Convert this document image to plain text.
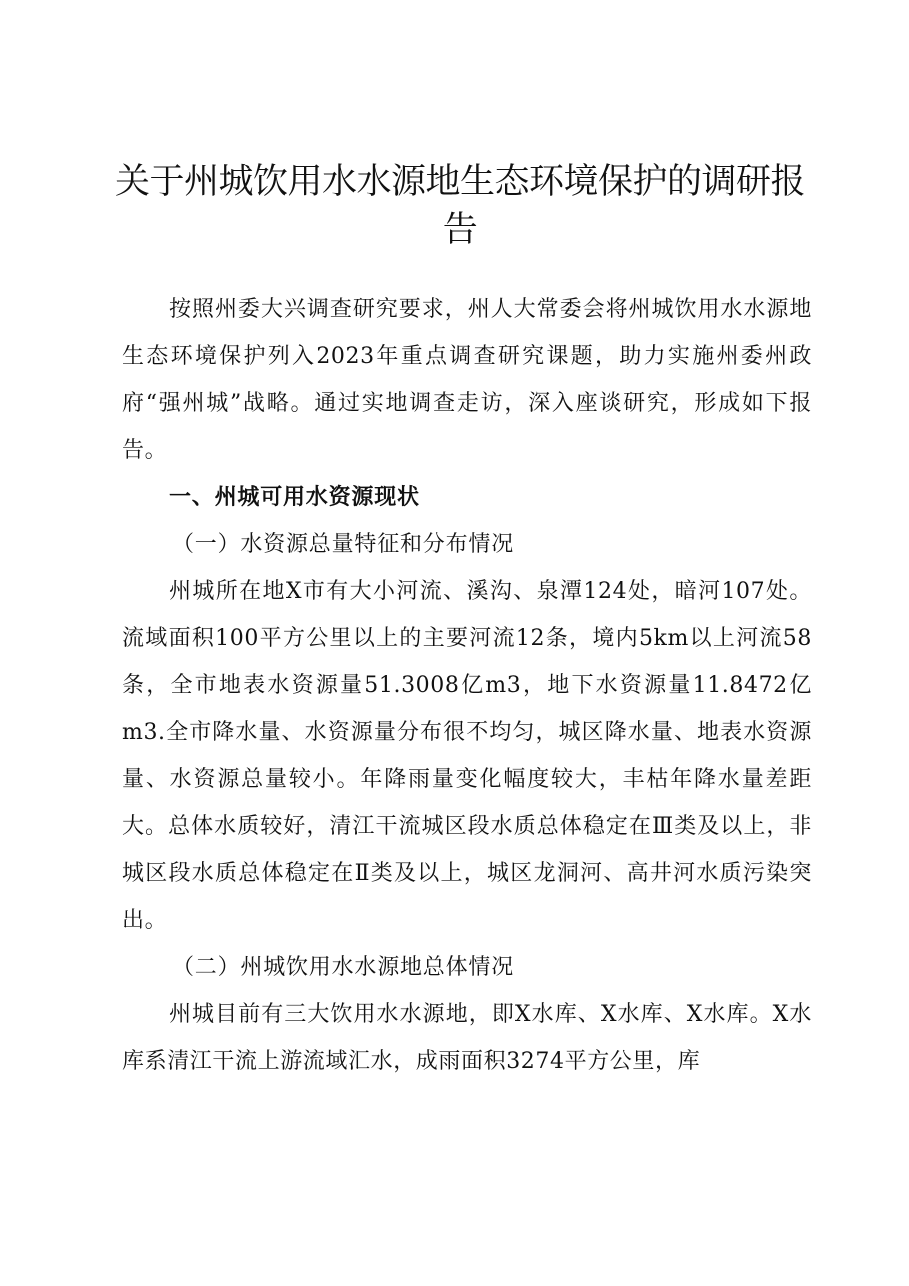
关于州城饮用水水源地生态环境保护的调研报告

按照州委大兴调查研究要求，州人大常委会将州城饮用水水源地生态环境保护列入2023年重点调查研究课题，助力实施州委州政府“强州城”战略。通过实地调查走访，深入座谈研究，形成如下报告。

一、州城可用水资源现状

（一）水资源总量特征和分布情况

州城所在地X市有大小河流、溪沟、泉潭124处，暗河107处。流域面积100平方公里以上的主要河流12条，境内5km以上河流58条，全市地表水资源量51.3008亿m3，地下水资源量11.8472亿m3.全市降水量、水资源量分布很不均匀，城区降水量、地表水资源量、水资源总量较小。年降雨量变化幅度较大，丰枯年降水量差距大。总体水质较好，清江干流城区段水质总体稳定在Ⅲ类及以上，非城区段水质总体稳定在Ⅱ类及以上，城区龙洞河、高井河水质污染突出。

（二）州城饮用水水源地总体情况

州城目前有三大饮用水水源地，即X水库、X水库、X水库。X水库系清江干流上游流域汇水，成雨面积3274平方公里，库
